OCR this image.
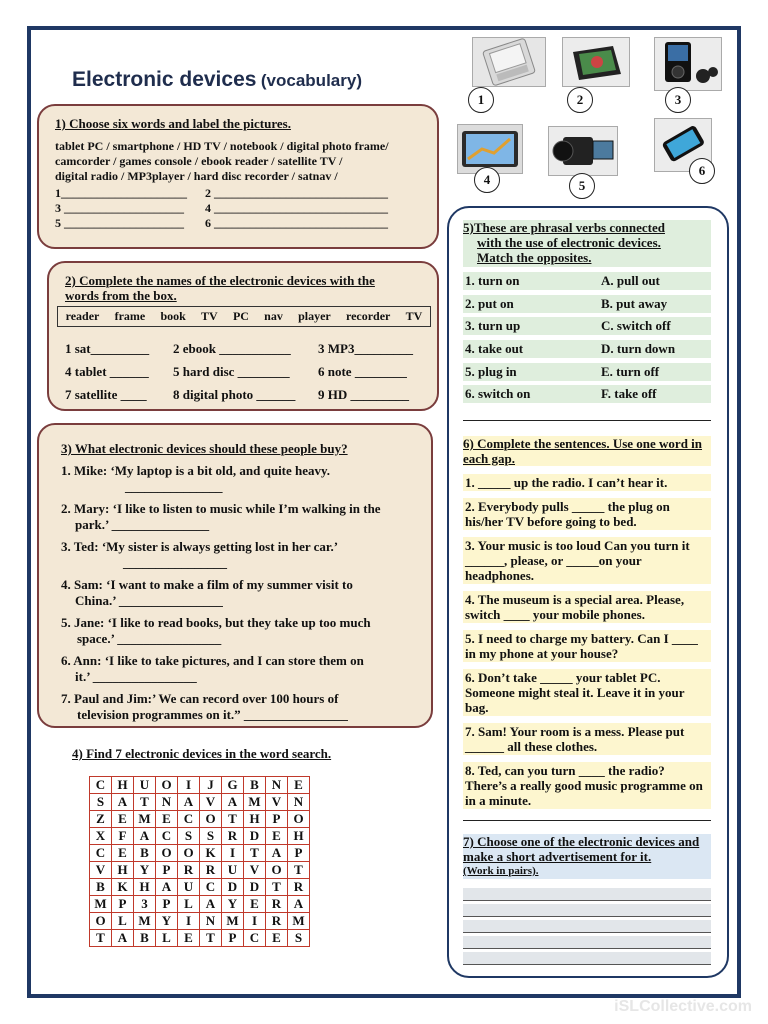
Electronic devices (vocabulary)
1) Choose six words and label the pictures.
tablet PC / smartphone / HD TV / notebook / digital photo frame/
camcorder / games console / ebook reader / satellite TV /
digital radio / MP3player / hard disc recorder / satnav /
1_____________________
3 ____________________
5 ____________________
2 _____________________________
4 _____________________________
6 _____________________________
1	2	3
4	5
6
2) Complete the names of the electronic devices with the
words from the box.
reader frame book TV PC nav player recorder TV
1 sat_________	2 ebook ___________	3 MP3_________
4 tablet ______	5 hard disc ________	6 note ________
7 satellite ____	8 digital photo ______	9 HD _________
3) What electronic devices should these people buy?
1. Mike: ‘My laptop is a bit old, and quite heavy.
_______________
2. Mary: ‘I like to listen to music while I’m walking in the
park.’ _______________
3. Ted: ‘My sister is always getting lost in her car.’
________________
4. Sam: ‘I want to make a film of my summer visit to
China.’ ________________
5. Jane: ‘I like to read books, but they take up too much
space.’ ________________
6. Ann: ‘I like to take pictures, and I can store them on
it.’ ________________
7. Paul and Jim:’ We can record over 100 hours of
television programmes on it.” ________________
4) Find 7 electronic devices in the word search.
C	H	U	O	I	J	G	B	N	E
S	A	T	N	A	V	A	M	V	N
Z	E	M	E	C	O	T	H	P	O
X	F	A	C	S	S	R	D	E	H
C	E	B	O	O	K	I	T	A	P
V	H	Y	P	R	R	U	V	O	T
B	K	H	A	U	C	D	D	T	R
M	P	3	P	L	A	Y	E	R	A
O	L	M	Y	I	N	M	I	R	M
T	A	B	L	E	T	P	C	E	S
5)These are phrasal verbs connected
with the use of electronic devices.
Match the opposites.
1. turn on	A. pull out
2. put on	B. put away
3. turn up	C. switch off
4. take out	D. turn down
5. plug in	E. turn off
6. switch on	F. take off
6) Complete the sentences. Use one word in each gap.
1. _____ up the radio. I can’t hear it.
2. Everybody pulls _____ the plug on his/her TV before going to bed.
3. Your music is too loud Can you turn it ______, please, or _____on your headphones.
4. The museum is a special area. Please, switch ____ your mobile phones.
5. I need to charge my battery. Can I ____ in my phone at your house?
6. Don’t take _____ your tablet PC. Someone might steal it. Leave it in your bag.
7. Sam! Your room is a mess. Please put ______ all these clothes.
8. Ted, can you turn ____ the radio? There’s a really good music programme on in a minute.
7) Choose one of the electronic devices and make a short advertisement for it.
(Work in pairs).
iSLCollective.com
